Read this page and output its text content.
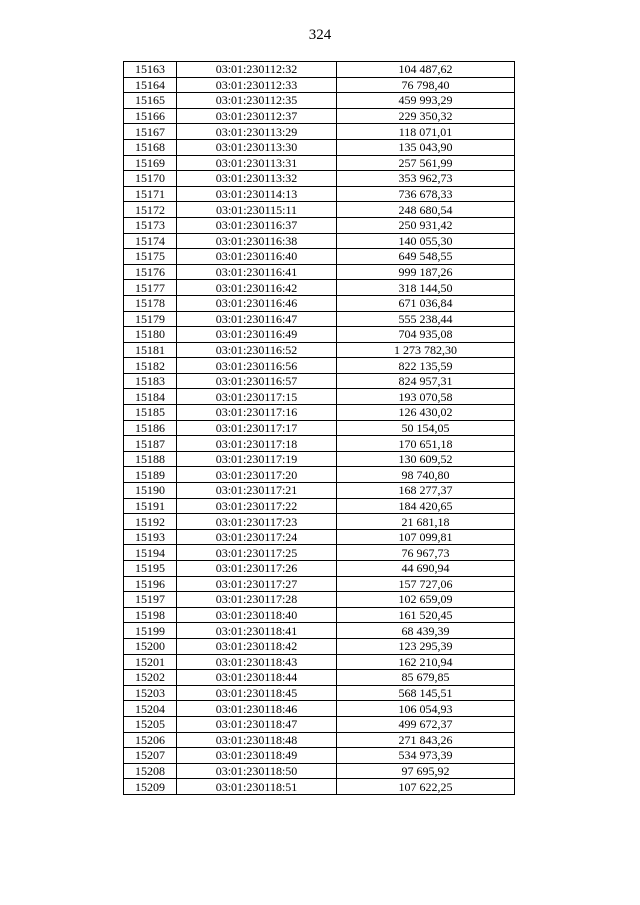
324
15163	03:01:230112:32	104 487,62
15164	03:01:230112:33	76 798,40
15165	03:01:230112:35	459 993,29
15166	03:01:230112:37	229 350,32
15167	03:01:230113:29	118 071,01
15168	03:01:230113:30	135 043,90
15169	03:01:230113:31	257 561,99
15170	03:01:230113:32	353 962,73
15171	03:01:230114:13	736 678,33
15172	03:01:230115:11	248 680,54
15173	03:01:230116:37	250 931,42
15174	03:01:230116:38	140 055,30
15175	03:01:230116:40	649 548,55
15176	03:01:230116:41	999 187,26
15177	03:01:230116:42	318 144,50
15178	03:01:230116:46	671 036,84
15179	03:01:230116:47	555 238,44
15180	03:01:230116:49	704 935,08
15181	03:01:230116:52	1 273 782,30
15182	03:01:230116:56	822 135,59
15183	03:01:230116:57	824 957,31
15184	03:01:230117:15	193 070,58
15185	03:01:230117:16	126 430,02
15186	03:01:230117:17	50 154,05
15187	03:01:230117:18	170 651,18
15188	03:01:230117:19	130 609,52
15189	03:01:230117:20	98 740,80
15190	03:01:230117:21	168 277,37
15191	03:01:230117:22	184 420,65
15192	03:01:230117:23	21 681,18
15193	03:01:230117:24	107 099,81
15194	03:01:230117:25	76 967,73
15195	03:01:230117:26	44 690,94
15196	03:01:230117:27	157 727,06
15197	03:01:230117:28	102 659,09
15198	03:01:230118:40	161 520,45
15199	03:01:230118:41	68 439,39
15200	03:01:230118:42	123 295,39
15201	03:01:230118:43	162 210,94
15202	03:01:230118:44	85 679,85
15203	03:01:230118:45	568 145,51
15204	03:01:230118:46	106 054,93
15205	03:01:230118:47	499 672,37
15206	03:01:230118:48	271 843,26
15207	03:01:230118:49	534 973,39
15208	03:01:230118:50	97 695,92
15209	03:01:230118:51	107 622,25
